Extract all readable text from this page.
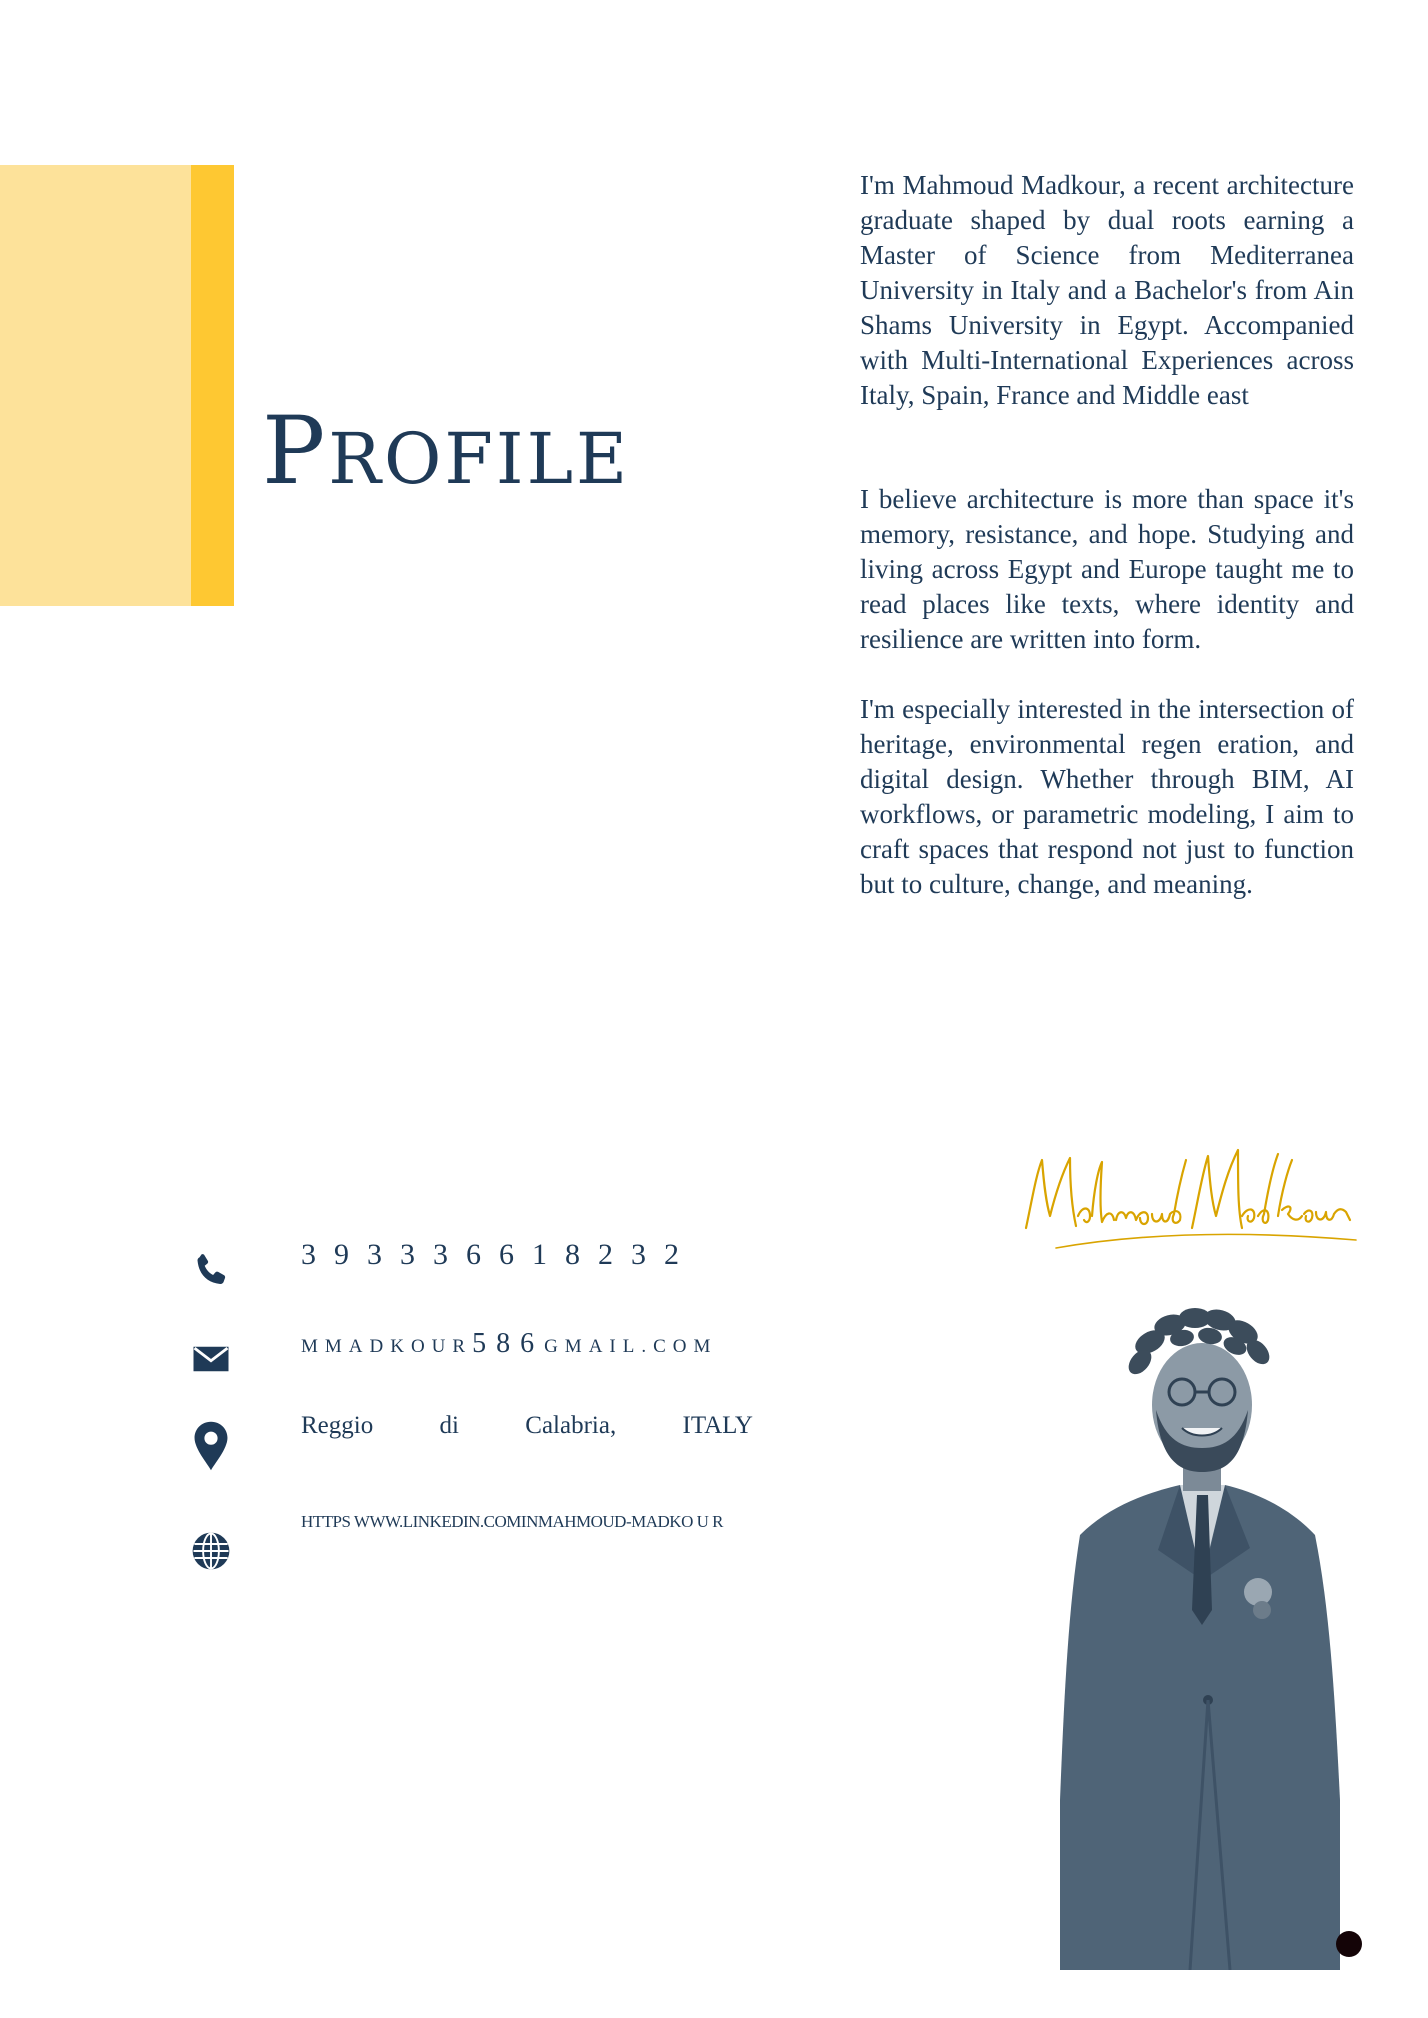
PROFILE

I'm Mahmoud Madkour, a recent architecture graduate shaped by dual roots earning a Master of Science from Mediterranea University in Italy and a Bachelor's from Ain Shams University in Egypt. Accompanied with Multi-International Experiences across Italy, Spain, France and Middle east

I believe architecture is more than space it's memory, resistance, and hope. Studying and living across Egypt and Europe taught me to read places like texts, where identity and resilience are written into form.

I'm especially interested in the intersection of heritage, environmental regen eration, and digital design. Whether through BIM, AI workflows, or parametric modeling, I aim to craft spaces that respond not just to function but to culture, change, and meaning.

393336618232
MMADKOUR586GMAIL.COM
Reggio	di	Calabria,	ITALY
HTTPS WWW.LINKEDIN.COMINMAHMOUD-MADKO U R
